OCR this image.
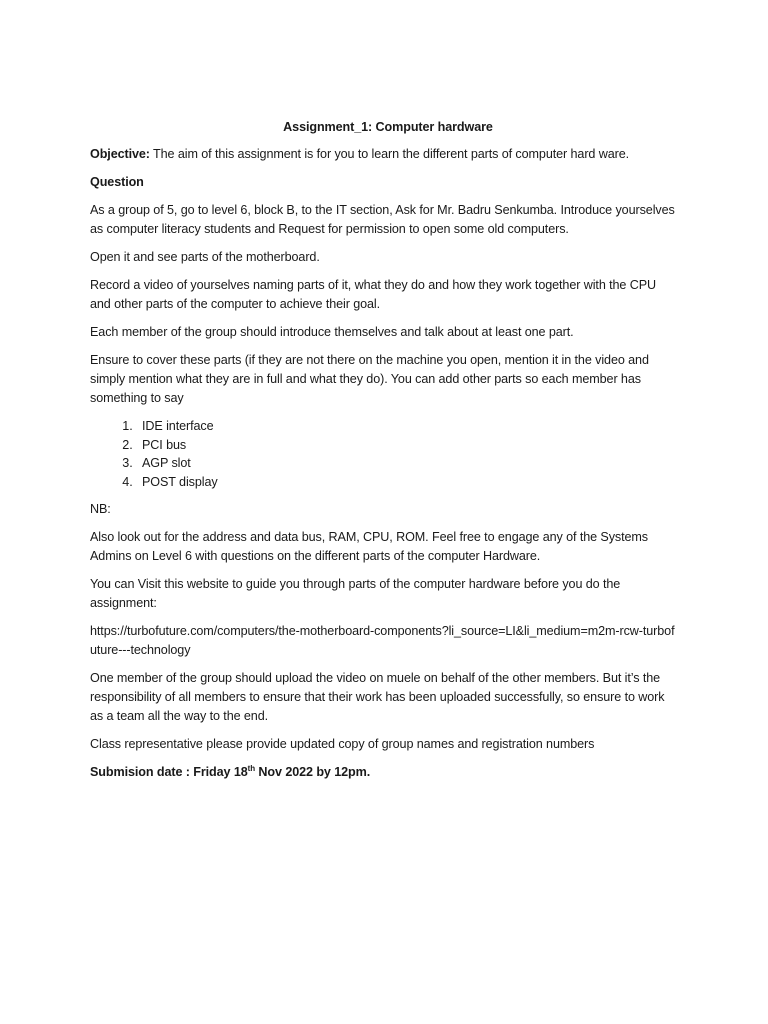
Assignment_1: Computer hardware

Objective: The aim of this assignment is for you to learn the different parts of computer hard ware.

Question

As a group of 5, go to level 6, block B, to the IT section, Ask for Mr. Badru Senkumba. Introduce yourselves as computer literacy students and Request for permission to open some old computers.

Open it and see parts of the motherboard.

Record a video of yourselves naming parts of it, what they do and how they work together with the CPU and other parts of the computer to achieve their goal.

Each member of the group should introduce themselves and talk about at least one part.

Ensure to cover these parts (if they are not there on the machine you open, mention it in the video and simply mention what they are in full and what they do). You can add other parts so each member has something to say

1. IDE interface
2. PCI bus
3. AGP slot
4. POST display

NB:

Also look out for the address and data bus, RAM, CPU, ROM. Feel free to engage any of the Systems Admins on Level 6 with questions on the different parts of the computer Hardware.

You can Visit this website to guide you through parts of the computer hardware before you do the assignment:

https://turbofuture.com/computers/the-motherboard-components?li_source=LI&li_medium=m2m-rcw-turbofuture---technology

One member of the group should upload the video on muele on behalf of the other members. But it’s the responsibility of all members to ensure that their work has been uploaded successfully, so ensure to work as a team all the way to the end.

Class representative please provide updated copy of group names and registration numbers

Submision date : Friday 18th Nov 2022 by 12pm.
